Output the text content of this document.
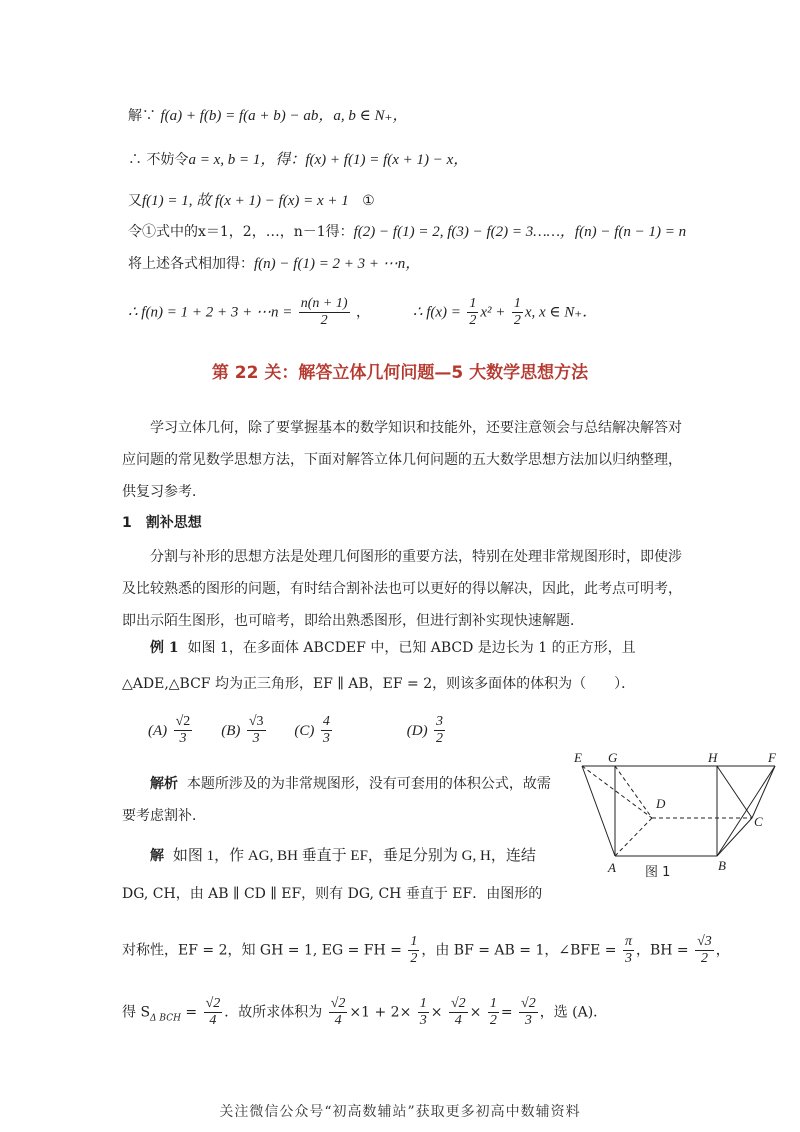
解∵ f(a) + f(b) = f(a + b) − ab，a, b ∈ N₊，
∴ 不妨令a = x, b = 1，得：f(x) + f(1) = f(x + 1) − x，
又f(1) = 1, 故 f(x + 1) − f(x) = x + 1 ①
令①式中的x＝1，2，…，n－1得：f(2) − f(1) = 2, f(3) − f(2) = 3……，f(n) − f(n − 1) = n
将上述各式相加得：f(n) − f(1) = 2 + 3 + ⋯n，
∴ f(n) = 1 + 2 + 3 + ⋯n = $\frac{n(n + 1)}{2}$ ，	∴ $f(x) = \frac{1}{2} x^2 + \frac{1}{2} x$, x ∈ N₊．
第 22 关：解答立体几何问题—5 大数学思想方法
学习立体几何，除了要掌握基本的数学知识和技能外，还要注意领会与总结解决解答对应问题的常见数学思想方法，下面对解答立体几何问题的五大数学思想方法加以归纳整理，供复习参考．
1　割补思想
分割与补形的思想方法是处理几何图形的重要方法，特别在处理非常规图形时，即使涉及比较熟悉的图形的问题，有时结合割补法也可以更好的得以解决，因此，此考点可明考，即出示陌生图形，也可暗考，即给出熟悉图形，但进行割补实现快速解题．
例 1 如图 1，在多面体 ABCDEF 中，已知 ABCD 是边长为 1 的正方形，且
△ADE,△BCF 均为正三角形，EF ∥ AB，EF = 2，则该多面体的体积为（　　）．
$(A) \frac{√2}{3} (B) \frac{√3}{3} (C) \frac{4}{3}$	$(D) \frac{3}{2}$
解析 本题所涉及的为非常规图形，没有可套用的体积公式，故需
要考虑割补．
解 如图 1，作 AG, BH 垂直于 EF，垂足分别为 G, H，连结
DG, CH，由 AB ∥ CD ∥ EF，则有 DG, CH 垂直于 EF．由图形的
对称性，EF = 2，知 GH = 1, EG = FH = $\frac{1}{2}$ ，由 BF = AB = 1，∠BFE = $\frac{\pi}{3}$ ，BH = $\frac{√3}{2}$ ，
得 $S_{\Delta BCH} = \frac{√2}{4}$ ．故所求体积为 $\frac{√2}{4} \times 1 + 2\times \frac{1}{3} \times \frac{√2}{4} \times \frac{1}{2} = \frac{√2}{3}$ ，选 (A)．
E G	H	F
D
C
A	B
图 1
关注微信公众号“初高数辅站”获取更多初高中数辅资料
